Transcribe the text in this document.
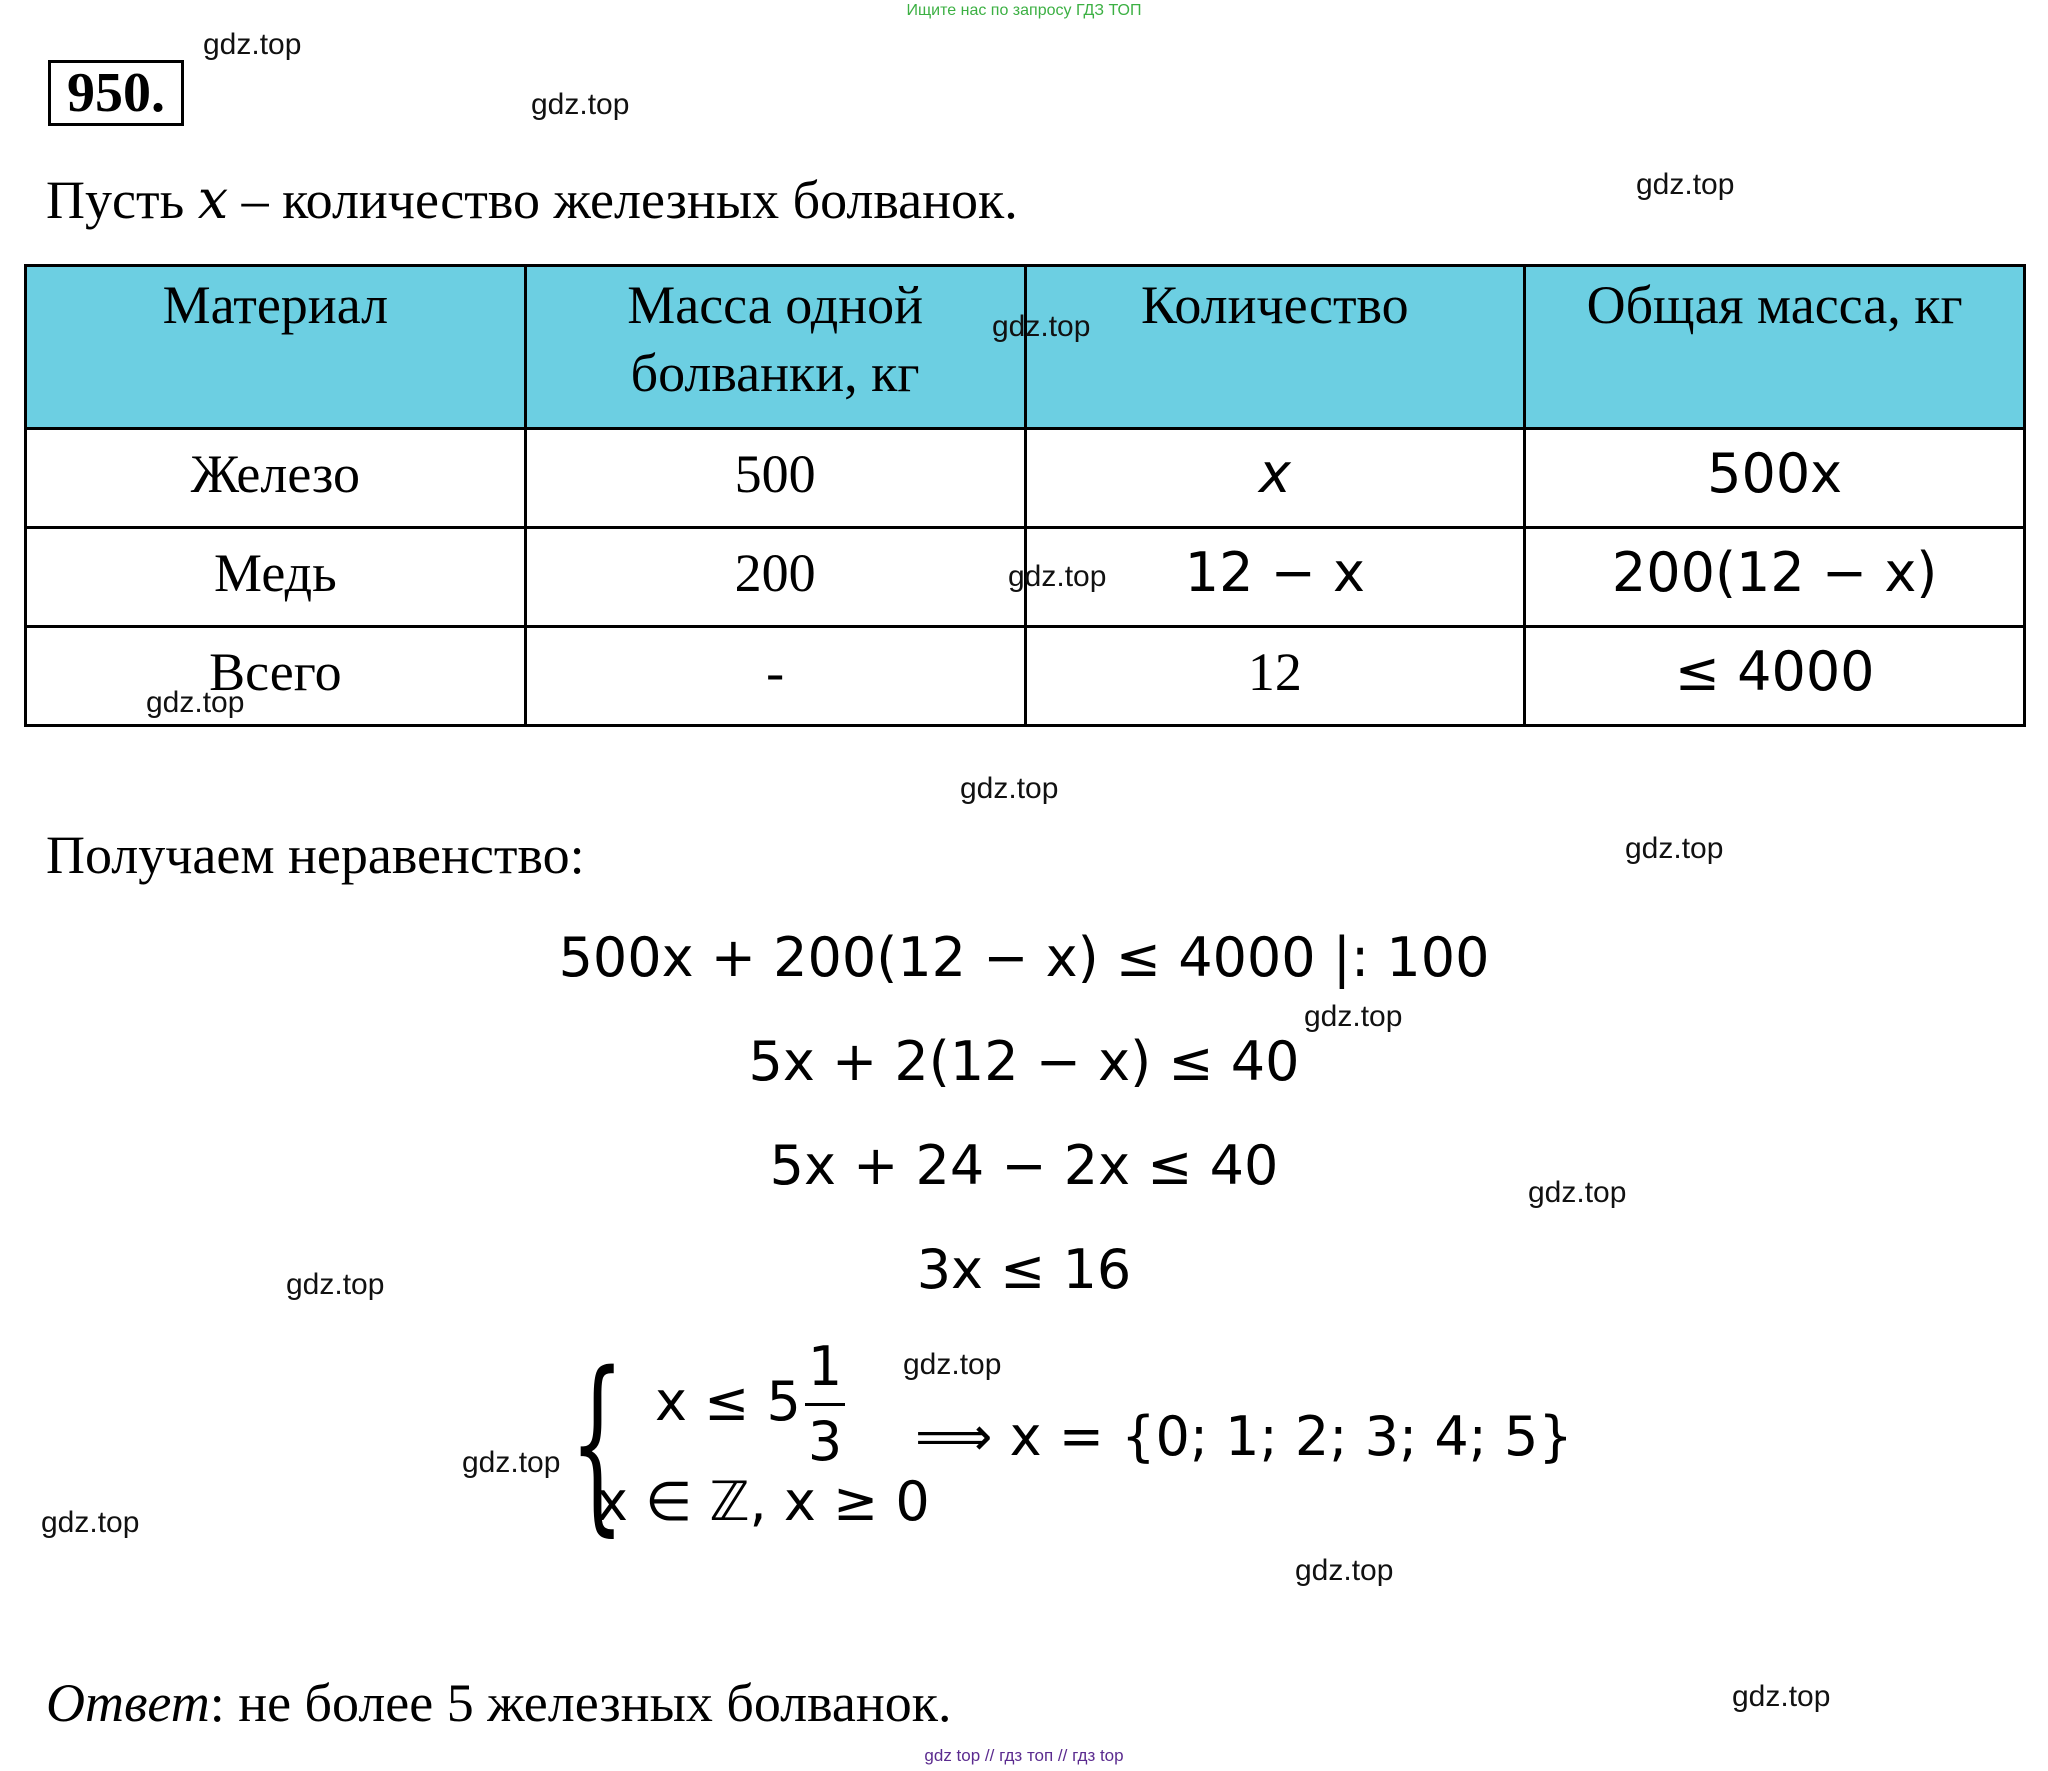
Ищите нас по запросу ГДЗ ТОП
950.
gdz.top
gdz.top
gdz.top
gdz.top
gdz.top
gdz.top
gdz.top
gdz.top
gdz.top
gdz.top
gdz.top
gdz.top
gdz.top
gdz.top
gdz.top
gdz.top
Пусть x – количество железных болванок.
Материал	Масса одной болванки, кг	Количество	Общая масса, кг
Железо	500	x	500x
Медь	200	12 − x	200(12 − x)
Всего	-	12	≤ 4000
Получаем неравенство:
500x + 200(12 − x) ≤ 4000 |: 100
5x + 2(12 − x) ≤ 40
5x + 24 − 2x ≤ 40
3x ≤ 16
{ x ≤ 5
1
3
x ∈ ℤ, x ≥ 0
⟹ x = {0; 1; 2; 3; 4; 5}
Ответ: не более 5 железных болванок.
gdz top // гдз топ // гдз top
